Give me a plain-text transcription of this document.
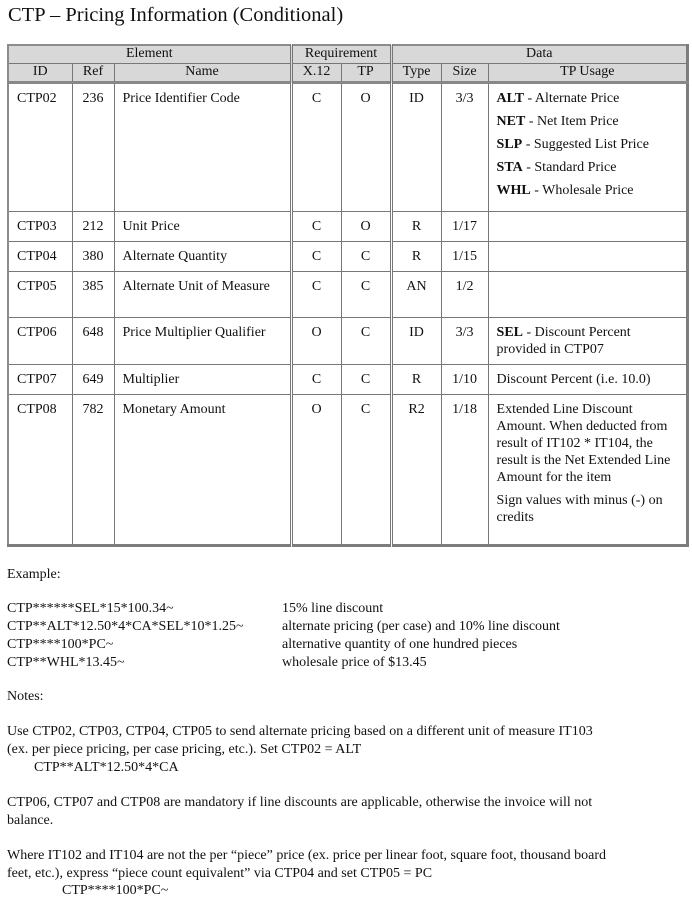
CTP – Pricing Information (Conditional)
Element			Requirement		Data		
ID	Ref	Name	X.12	TP	Type	Size	TP Usage

CTP02	236	Price Identifier Code	C	O	ID	3/3	ALT - Alternate Price
NET - Net Item Price
SLP - Suggested List Price
STA - Standard Price
WHL - Wholesale Price

CTP03	212	Unit Price	C	O	R	1/17	

CTP04	380	Alternate Quantity	C	C	R	1/15	

CTP05	385	Alternate Unit of Measure	C	C	AN	1/2	

CTP06	648	Price Multiplier Qualifier	O	C	ID	3/3	SEL - Discount Percent provided in CTP07

CTP07	649	Multiplier	C	C	R	1/10	Discount Percent (i.e. 10.0)

CTP08	782	Monetary Amount	O	C	R2	1/18	Extended Line Discount Amount. When deducted from result of IT102 * IT104, the result is the Net Extended Line Amount for the item
Sign values with minus (-) on credits
Example:
CTP******SEL*15*100.34~	15% line discount
CTP**ALT*12.50*4*CA*SEL*10*1.25~	alternate pricing (per case) and 10% line discount
CTP****100*PC~	alternative quantity of one hundred pieces
CTP**WHL*13.45~	wholesale price of $13.45
Notes:
Use CTP02, CTP03, CTP04, CTP05 to send alternate pricing based on a different unit of measure IT103
(ex. per piece pricing, per case pricing, etc.). Set CTP02 = ALT
CTP**ALT*12.50*4*CA
CTP06, CTP07 and CTP08 are mandatory if line discounts are applicable, otherwise the invoice will not
balance.
Where IT102 and IT104 are not the per “piece” price (ex. price per linear foot, square foot, thousand board
feet, etc.), express “piece count equivalent” via CTP04 and set CTP05 = PC
CTP****100*PC~
